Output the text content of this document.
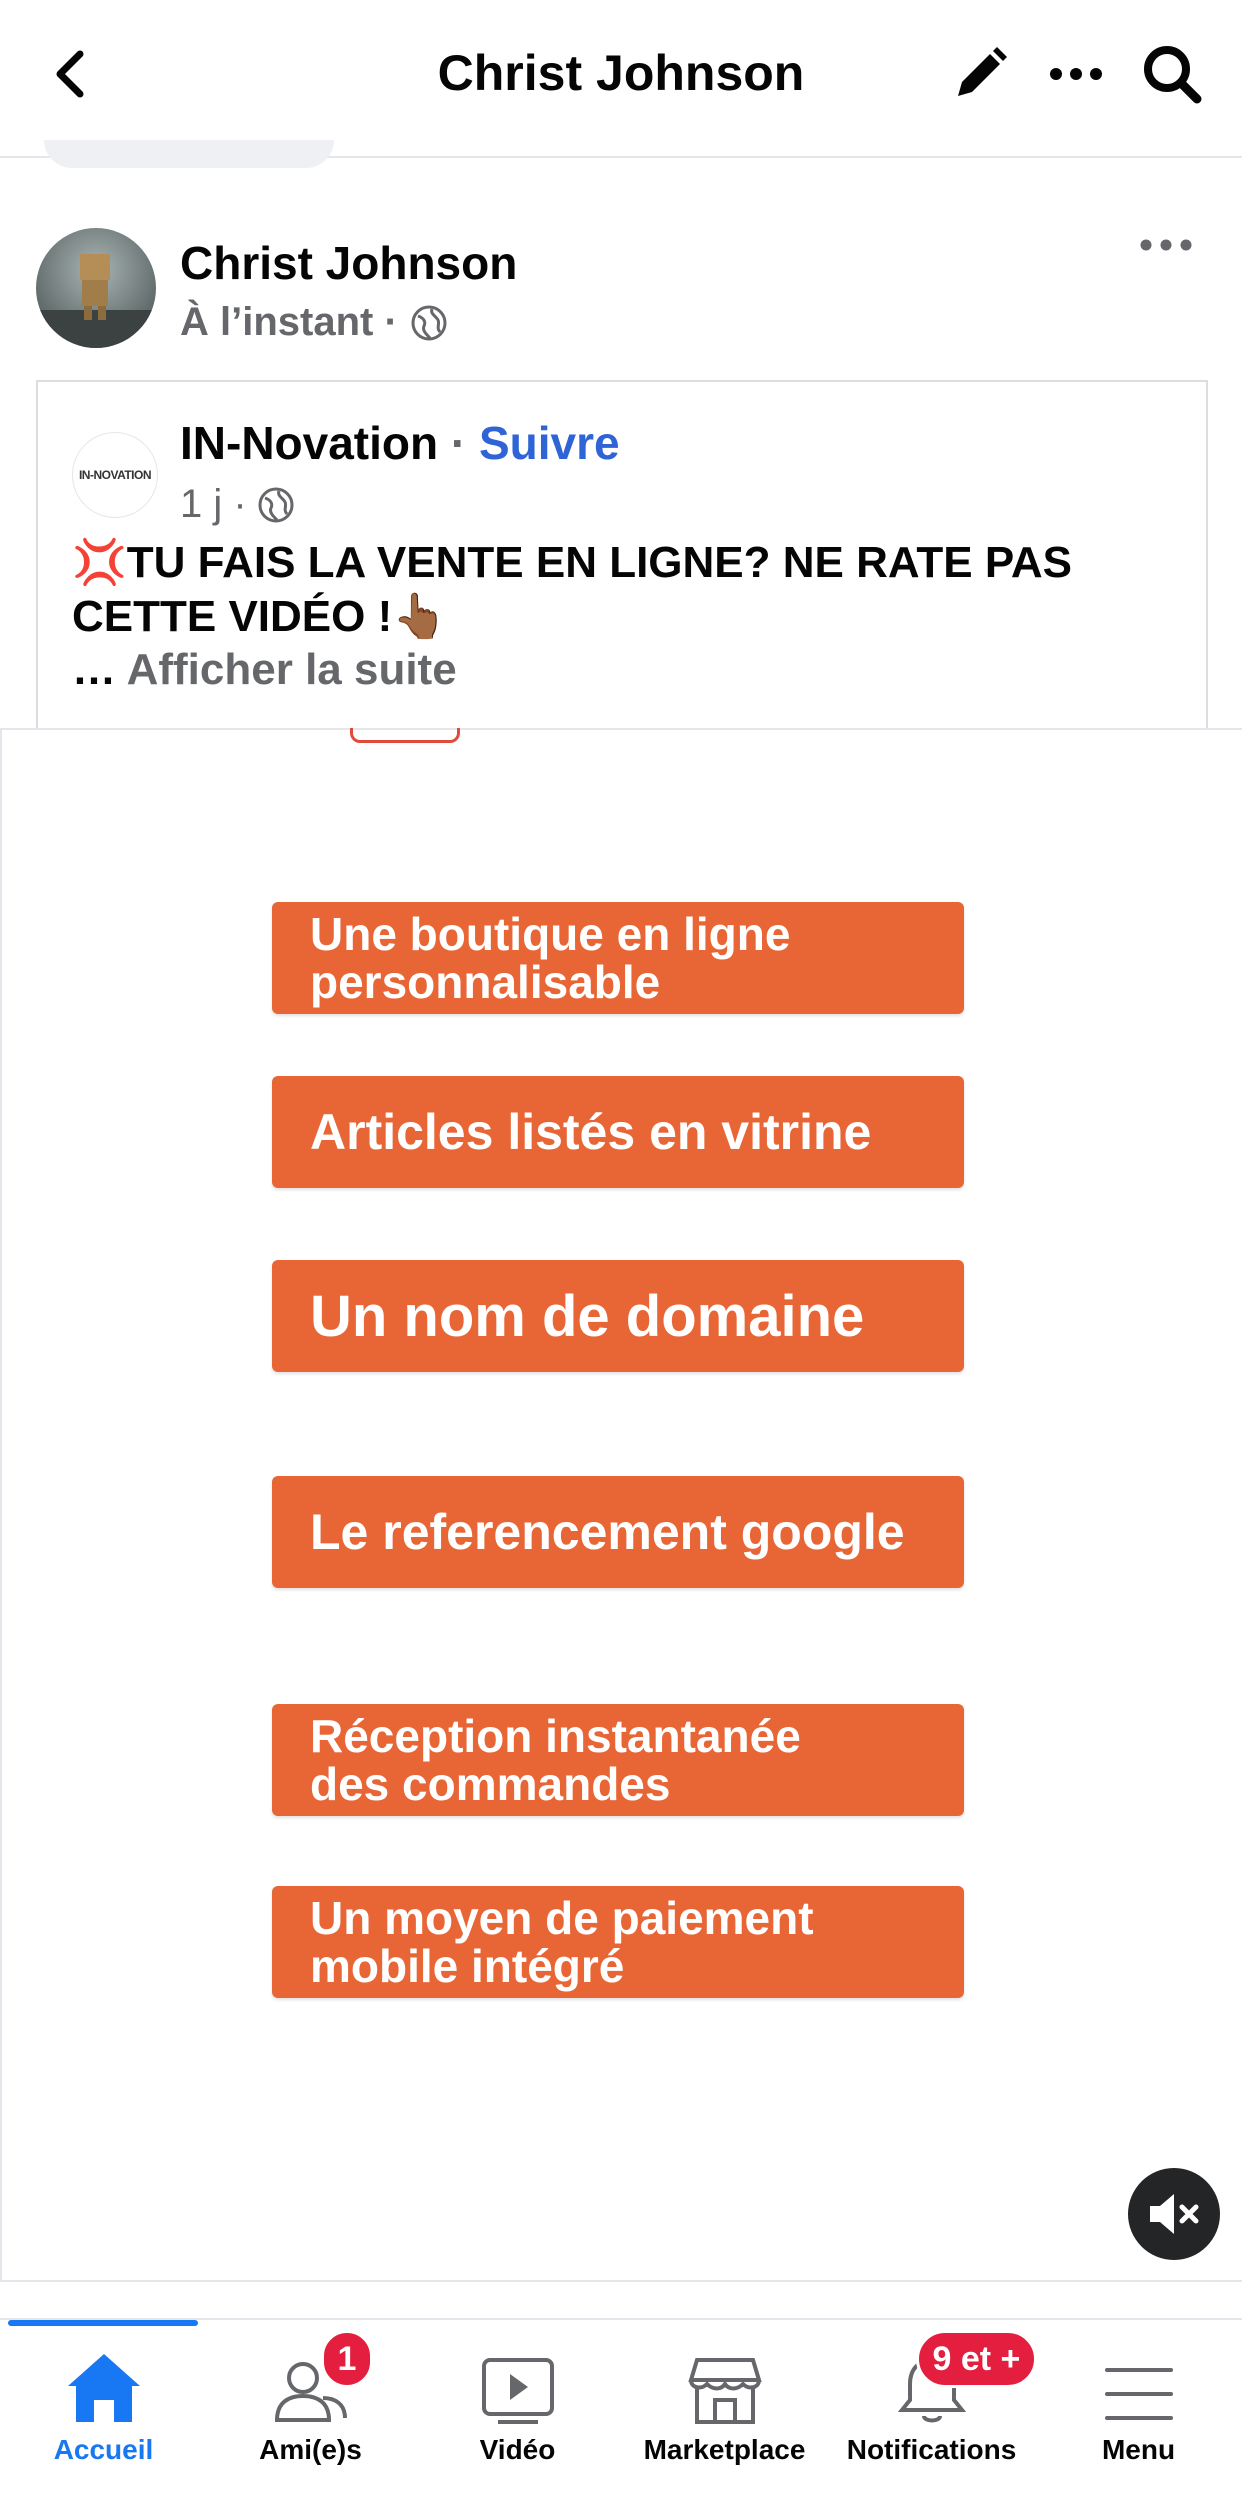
Christ Johnson
Christ Johnson
À l’instant ·
IN-NOVATION
IN-Novation · Suivre
1 j ·
💢TU FAIS LA VENTE EN LIGNE? NE RATE PAS
CETTE VIDÉO !👆🏾
… Afficher la suite
Une boutique en ligne
personnalisable
Articles listés en vitrine
Un nom de domaine
Le referencement google
Réception instantanée
des commandes
Un moyen de paiement
mobile intégré
Accueil
1
Ami(e)s	Vidéo	Marketplace
9 et +
Notifications	Menu
